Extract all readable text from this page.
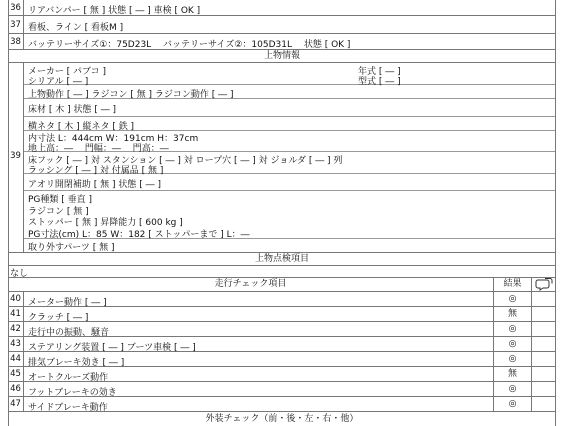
36 リアバンパー [ 無 ] 状態 [ ― ] 車検 [ OK ]
37 看板、ライン [ 看板M ]
38 バッテリーサイズ①：75D23L　 バッテリーサイズ②：105D31L 　状態 [ OK ]
上物情報
39
メーカー [ パブコ ]	年式 [ ― ]
シリアル [ ― ]	型式 [ ― ]
上物動作 [ ― ] ラジコン [ 無 ] ラジコン動作 [ ― ]
床材 [ 木 ] 状態 [ ― ]
横ネタ [ 木 ] 縦ネタ [ 鉄 ]
内寸法 L：444cm W：191cm H：37cm
地上高：―　 門幅：―　 門高：―
床フック [ ― ] 対 スタンション [ ― ] 対 ロープ穴 [ ― ] 対 ジョルダ [ ― ] 列
ラッシング [ ― ] 対 付属品 [ 無 ]
アオリ開閉補助 [ 無 ] 状態 [ ― ]
PG種類 [ 垂直 ]
ラジコン [ 無 ]
ストッパー [ 無 ] 昇降能力 [ 600 kg ]
PG寸法(cm) L：85 W：182 [ ストッパーまで ] L：―
取り外すパーツ [ 無 ]
上物点検項目
なし
走行チェック項目	結果
40 メーター動作 [ ― ]	◎
41 クラッチ [ ― ]	無
42 走行中の振動、騒音	◎
43 ステアリング装置 [ ― ] ブーツ車検 [ ― ]	◎
44 排気ブレーキ効き [ ― ]	◎
45 オートクルーズ動作	無
46 フットブレーキの効き	◎
47 サイドブレーキ動作	◎
外装チェック（前・後・左・右・他）
